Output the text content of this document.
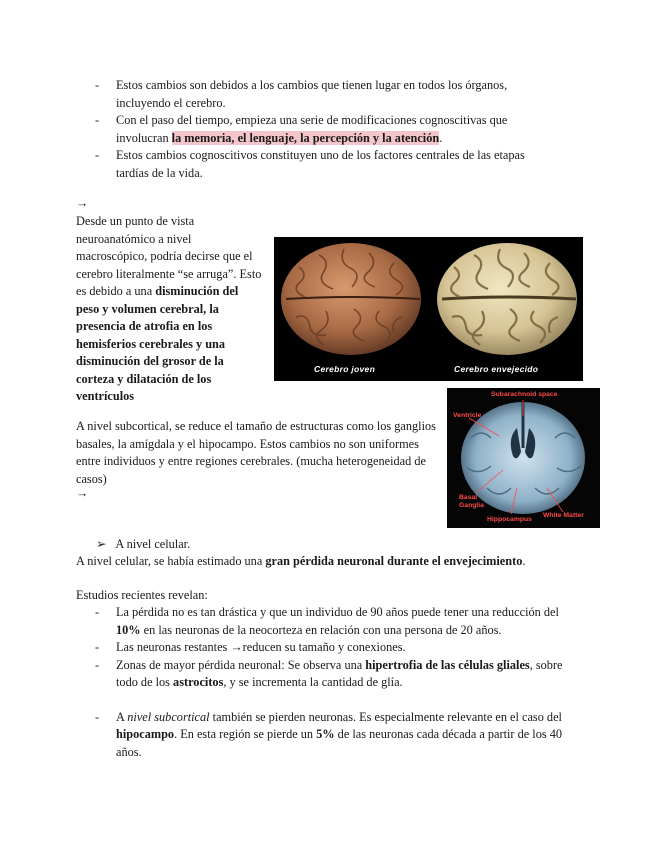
- Estos cambios son debidos a los cambios que tienen lugar en todos los órganos, incluyendo el cerebro.
- Con el paso del tiempo, empieza una serie de modificaciones cognoscitivas que involucran la memoria, el lenguaje, la percepción y la atención.
- Estos cambios cognoscitivos constituyen uno de los factores centrales de las etapas tardías de la vida.
→
Desde un punto de vista neuroanatómico a nivel macroscópico, podría decirse que el cerebro literalmente “se arruga”. Esto es debido a una disminución del peso y volumen cerebral, la presencia de atrofia en los hemisferios cerebrales y una disminución del grosor de la corteza y dilatación de los ventrículos
Cerebro joven	Cerebro envejecido
Subarachnoid space
Ventricle
Basal
Ganglia
Hippocampus
White Matter
A nivel subcortical, se reduce el tamaño de estructuras como los ganglios basales, la amígdala y el hipocampo. Estos cambios no son uniformes entre individuos y entre regiones cerebrales. (mucha heterogeneidad de casos)
→
➢ A nivel celular.
A nivel celular, se había estimado una gran pérdida neuronal durante el envejecimiento.
Estudios recientes revelan:
- La pérdida no es tan drástica y que un individuo de 90 años puede tener una reducción del 10% en las neuronas de la neocorteza en relación con una persona de 20 años.
- Las neuronas restantes →reducen su tamaño y conexiones.
- Zonas de mayor pérdida neuronal: Se observa una hipertrofia de las células gliales, sobre todo de los astrocitos, y se incrementa la cantidad de glía.
- A nivel subcortical también se pierden neuronas. Es especialmente relevante en el caso del hipocampo. En esta región se pierde un 5% de las neuronas cada década a partir de los 40 años.
